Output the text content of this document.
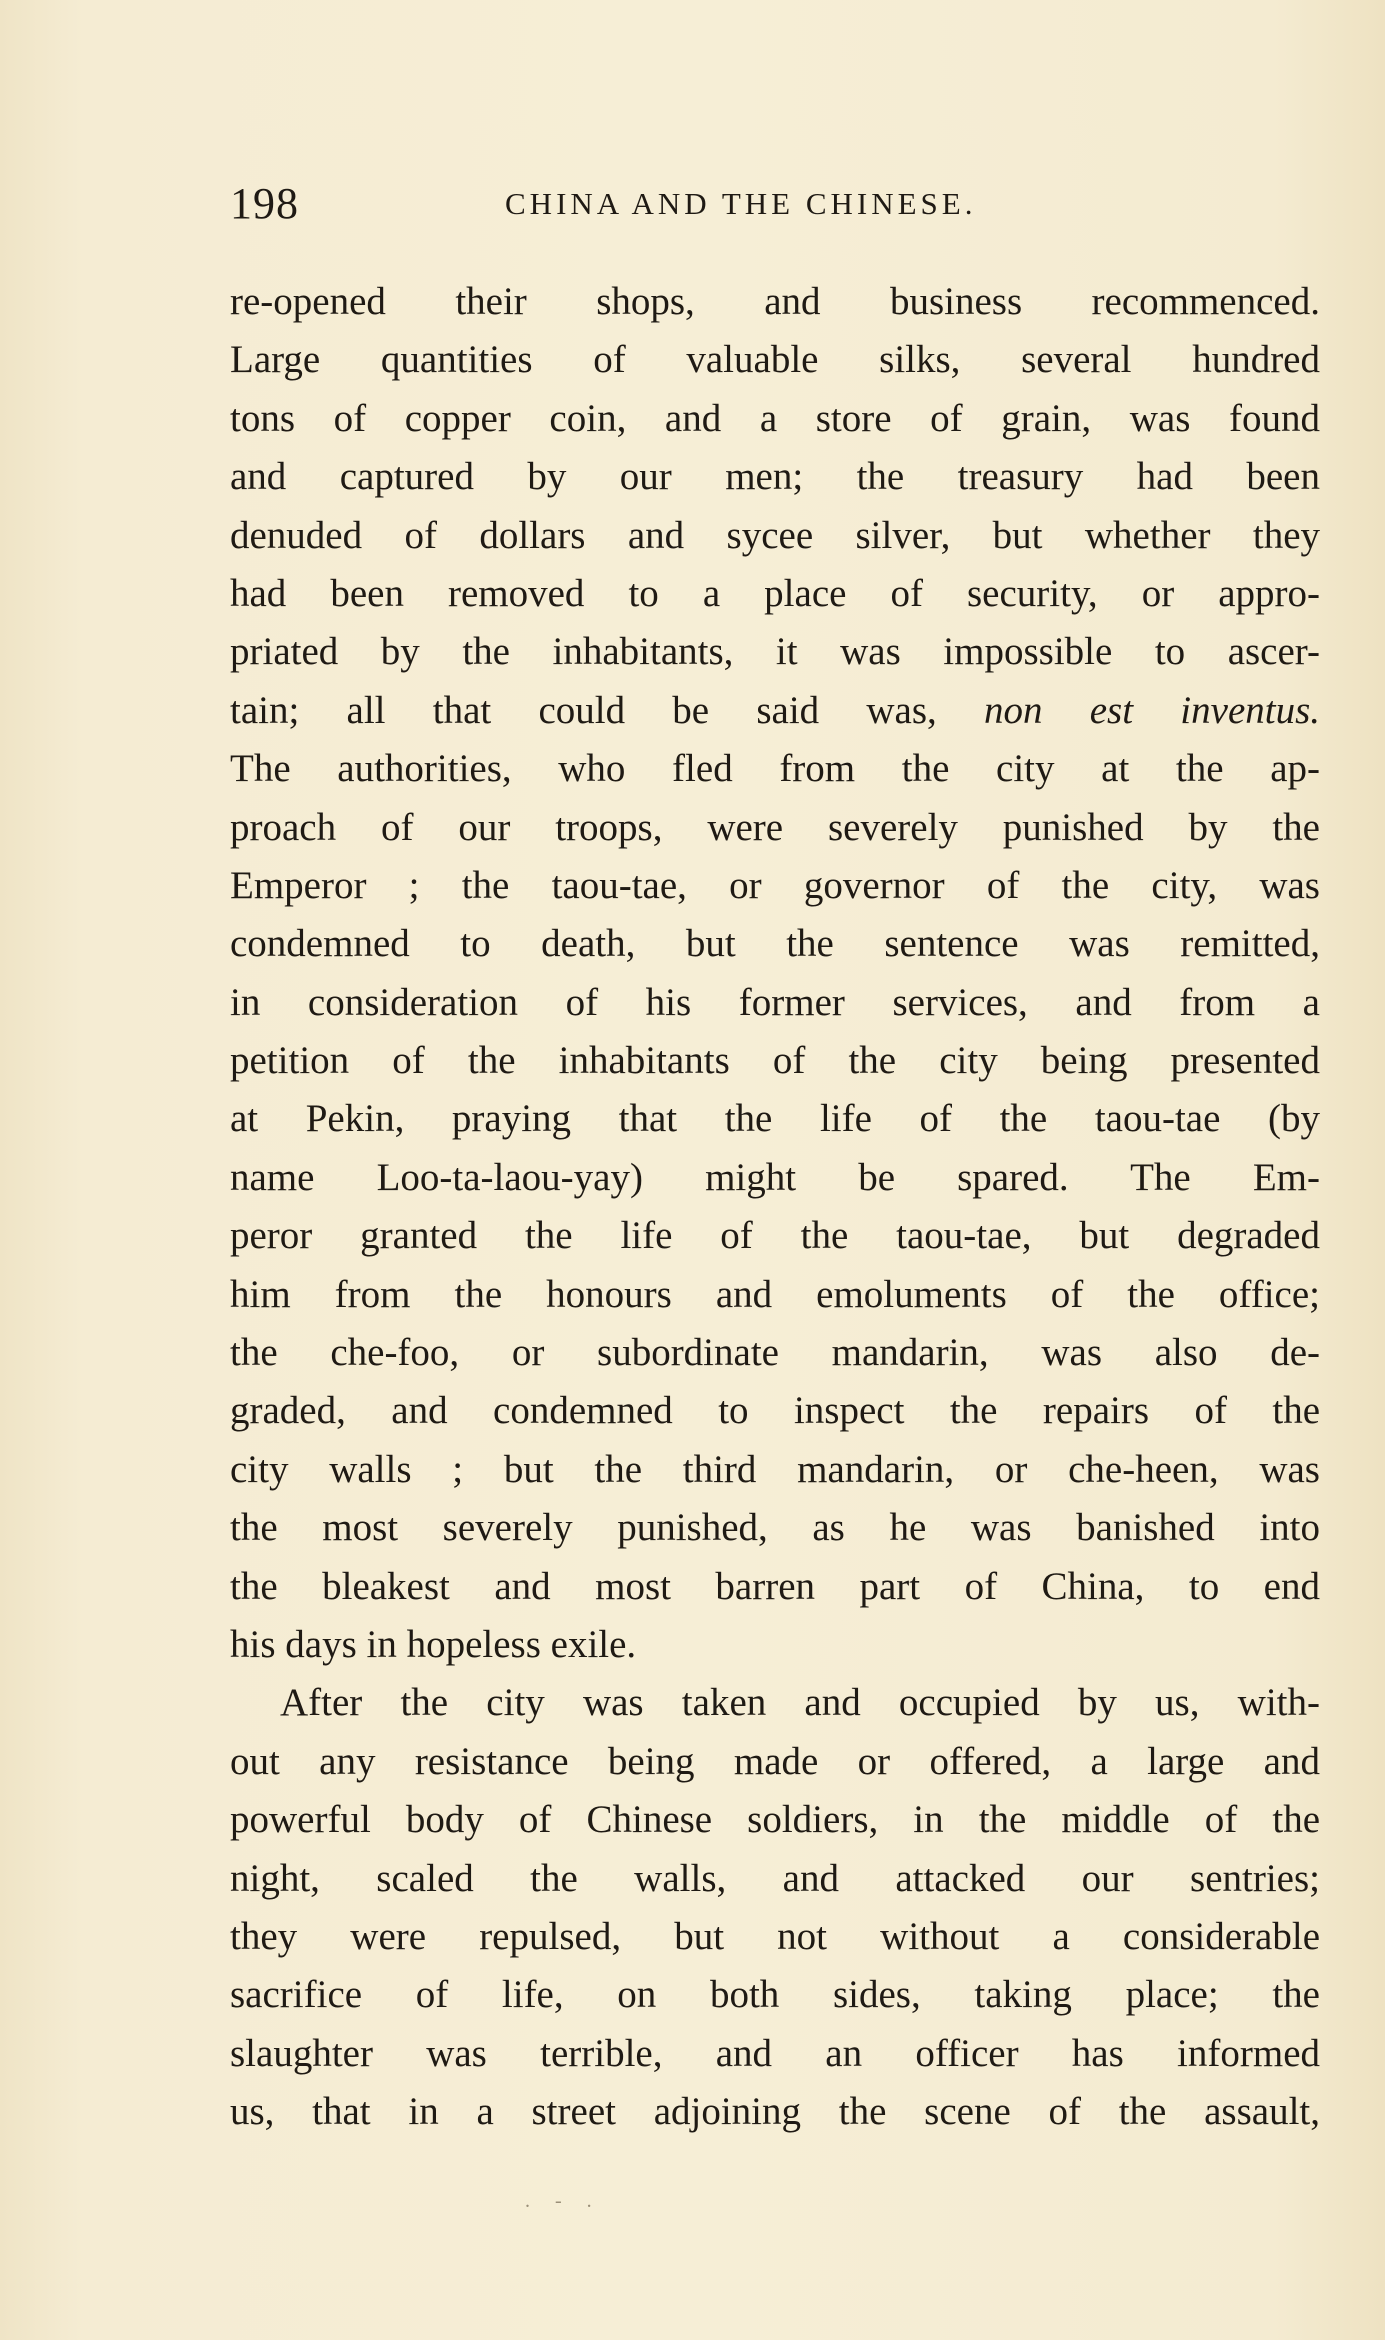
198	CHINA AND THE CHINESE.
re-opened their shops, and business recommenced.
Large quantities of valuable silks, several hundred
tons of copper coin, and a store of grain, was found
and captured by our men; the treasury had been
denuded of dollars and sycee silver, but whether they
had been removed to a place of security, or appro-
priated by the inhabitants, it was impossible to ascer-
tain; all that could be said was, non est inventus.
The authorities, who fled from the city at the ap-
proach of our troops, were severely punished by the
Emperor ; the taou-tae, or governor of the city, was
condemned to death, but the sentence was remitted,
in consideration of his former services, and from a
petition of the inhabitants of the city being presented
at Pekin, praying that the life of the taou-tae (by
name Loo-ta-laou-yay) might be spared. The Em-
peror granted the life of the taou-tae, but degraded
him from the honours and emoluments of the office;
the che-foo, or subordinate mandarin, was also de-
graded, and condemned to inspect the repairs of the
city walls ; but the third mandarin, or che-heen, was
the most severely punished, as he was banished into
the bleakest and most barren part of China, to end
his days in hopeless exile.
After the city was taken and occupied by us, with-
out any resistance being made or offered, a large and
powerful body of Chinese soldiers, in the middle of the
night, scaled the walls, and attacked our sentries;
they were repulsed, but not without a considerable
sacrifice of life, on both sides, taking place; the
slaughter was terrible, and an officer has informed
us, that in a street adjoining the scene of the assault,
. - .
